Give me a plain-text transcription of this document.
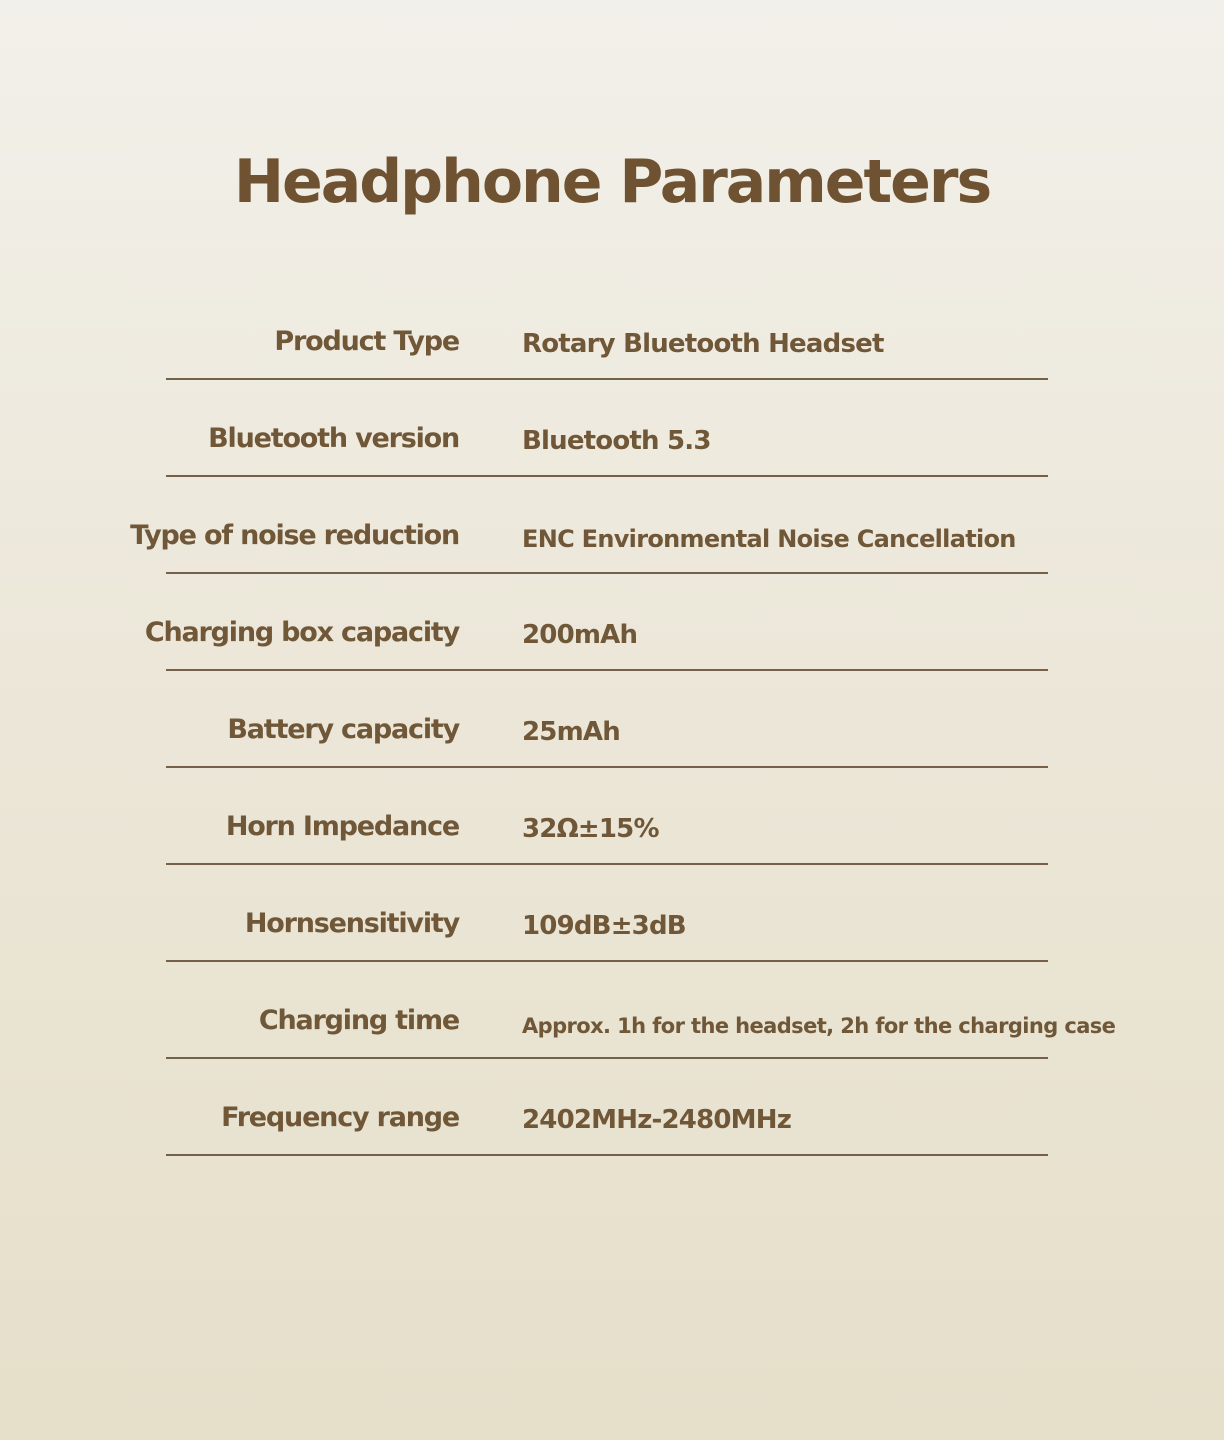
Headphone Parameters
Product Type Rotary Bluetooth Headset
Bluetooth version Bluetooth 5.3
Type of noise reduction	ENC Environmental Noise Cancellation
Charging box capacity 200mAh
Battery capacity 25mAh
Horn Impedance 32Ω±15%
Hornsensitivity 109dB±3dB
Charging time	Approx. 1h for the headset, 2h for the charging case
Frequency range 2402MHz-2480MHz
